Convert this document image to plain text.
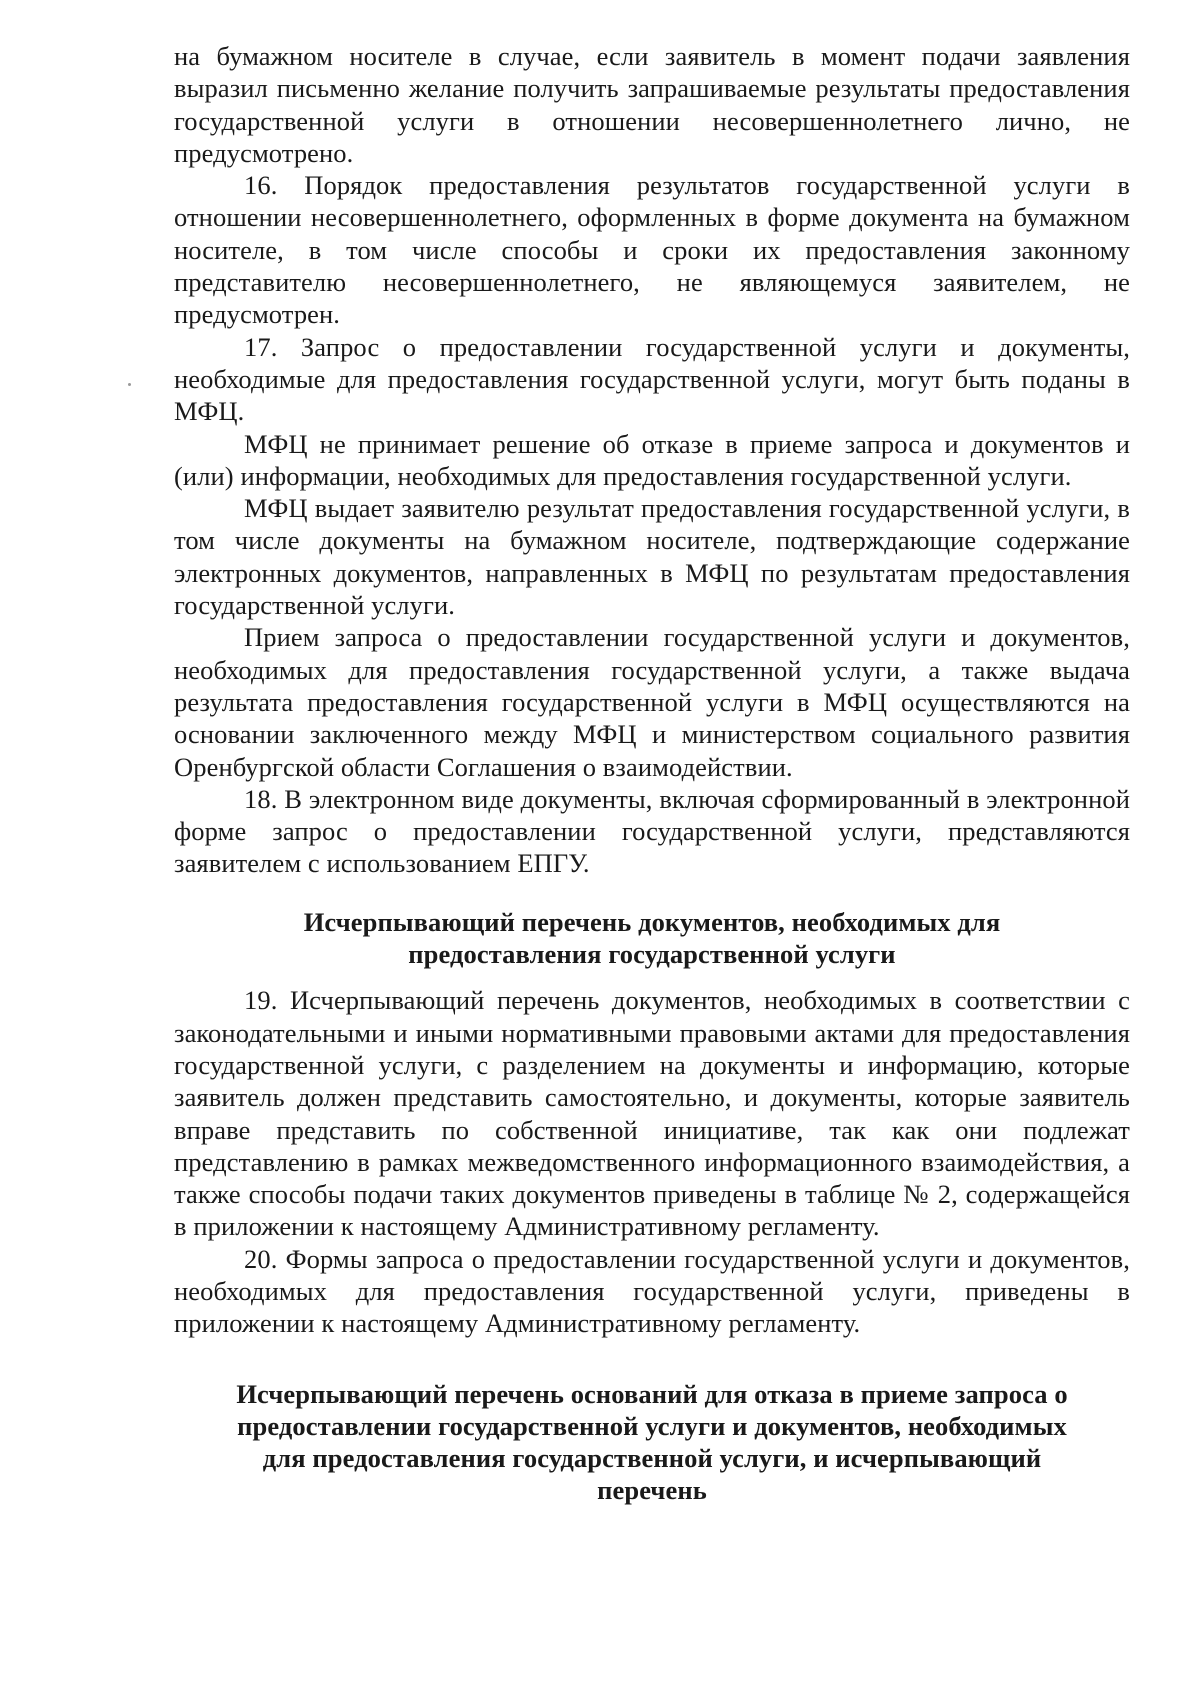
на бумажном носителе в случае, если заявитель в момент подачи заявления выразил письменно желание получить запрашиваемые результаты предоставления государственной услуги в отношении несовершеннолетнего лично, не предусмотрено.

16. Порядок предоставления результатов государственной услуги в отношении несовершеннолетнего, оформленных в форме документа на бумажном носителе, в том числе способы и сроки их предоставления законному представителю несовершеннолетнего, не являющемуся заявителем, не предусмотрен.

17. Запрос о предоставлении государственной услуги и документы, необходимые для предоставления государственной услуги, могут быть поданы в МФЦ.

МФЦ не принимает решение об отказе в приеме запроса и документов и (или) информации, необходимых для предоставления государственной услуги.

МФЦ выдает заявителю результат предоставления государственной услуги, в том числе документы на бумажном носителе, подтверждающие содержание электронных документов, направленных в МФЦ по результатам предоставления государственной услуги.

Прием запроса о предоставлении государственной услуги и документов, необходимых для предоставления государственной услуги, а также выдача результата предоставления государственной услуги в МФЦ осуществляются на основании заключенного между МФЦ и министерством социального развития Оренбургской области Соглашения о взаимодействии.

18. В электронном виде документы, включая сформированный в электронной форме запрос о предоставлении государственной услуги, представляются заявителем с использованием ЕПГУ.

Исчерпывающий перечень документов, необходимых для предоставления государственной услуги

19. Исчерпывающий перечень документов, необходимых в соответствии с законодательными и иными нормативными правовыми актами для предоставления государственной услуги, с разделением на документы и информацию, которые заявитель должен представить самостоятельно, и документы, которые заявитель вправе представить по собственной инициативе, так как они подлежат представлению в рамках межведомственного информационного взаимодействия, а также способы подачи таких документов приведены в таблице № 2, содержащейся в приложении к настоящему Административному регламенту.

20. Формы запроса о предоставлении государственной услуги и документов, необходимых для предоставления государственной услуги, приведены в приложении к настоящему Административному регламенту.

Исчерпывающий перечень оснований для отказа в приеме запроса о предоставлении государственной услуги и документов, необходимых для предоставления государственной услуги, и исчерпывающий перечень
